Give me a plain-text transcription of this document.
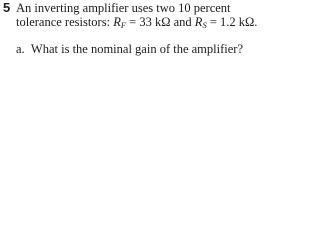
5 An inverting amplifier uses two 10 percent
tolerance resistors: $R_F = 33$ kΩ and $R_S = 1.2$ kΩ.
a. What is the nominal gain of the amplifier?
